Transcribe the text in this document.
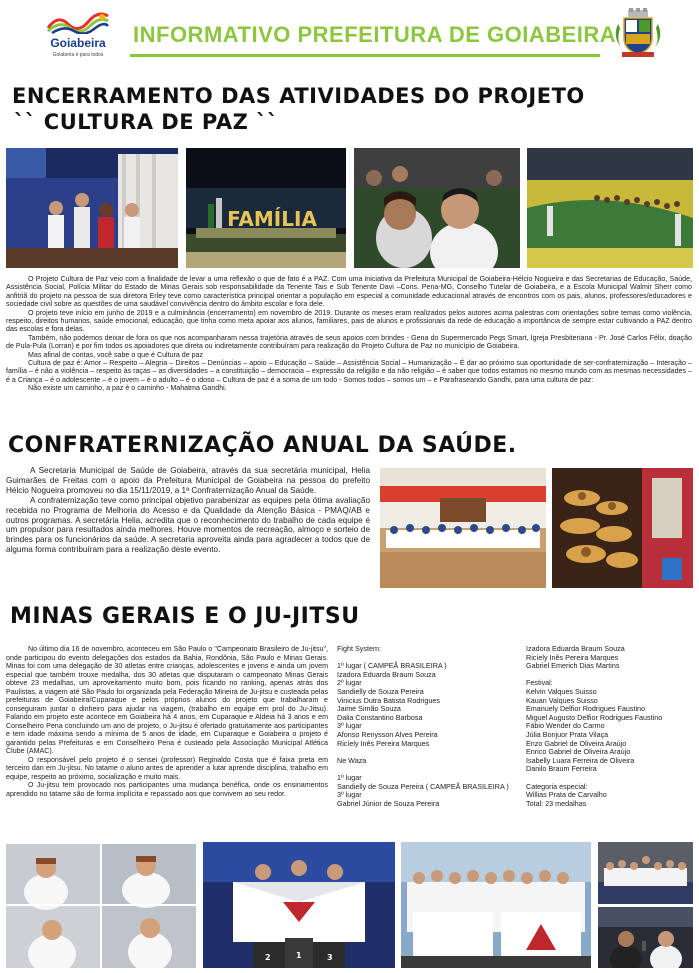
Goiabeira
Goiabeira é para todos
INFORMATIVO PREFEITURA DE GOIABEIRA
ENCERRAMENTO DAS ATIVIDADES DO PROJETO
`` CULTURA DE PAZ ``
FAMÍLIA

O Projeto Cultura de Paz veio com a finalidade de levar a uma reflexão o que de fato é a PAZ. Com uma iniciativa da Prefeitura Municipal de Goiabeira-Hélcio Nogueira e das Secretarias de Educação, Saúde, Assistência Social, Polícia Militar do Estado de Minas Gerais sob responsabilidade da Tenente Tais e Sub Tenente Davi –Cons. Pena-MG, Conselho Tutelar de Goiabeira, e a Escola Municipal Walmir Sherr como anfitriã do projeto na pessoa de sua diretora Erley teve como característica principal orientar a população em especial a comunidade educacional através de encontros com os pais, alunos, professores/educadores e sociedade civil sobre as questões de uma saudável convivência dentro do âmbito escolar e fora dele.

O projeto teve início em junho de 2019 e a culminância (encerramento) em novembro de 2019. Durante os meses eram realizados pelos autores acima palestras com orientações sobre temas como violência, respeito, direitos humanos, saúde emocional, educação, que tinha como meta apoiar aos alunos, familiares, pais de alunos e profissionais da rede de educação a importância de sempre estar cultivando a PAZ dentro das escolas e fora delas.

Também, não podemos deixar de fora os que nos acompanharam nessa trajetória através de seus apoios com brindes - Gena do Supermercado Pegs Smart, Igreja Presbiteriana - Pr. José Carlos Félix, doação de Pula-Pula (Lorran) e por fim todos os apoiadores que direta ou indiretamente contribuíram para realização do Projeto Cultura de Paz no município de Goiabeira.

Mas afinal de contas, você sabe o que é Cultura de paz

Cultura de paz é: Amor – Respeito – Alegria – Direitos – Denúncias – apoio – Educação – Saúde – Assistência Social – Humanização – É dar ao próximo sua oportunidade de ser-confraternização – Interação – família – é não a violência – respeito às raças – as diversidades – a constituição – democracia – expressão da religião e da não religião – é saber que todos estamos no mesmo mundo com as mesmas necessidades – é a Criança – é o adolescente – é o jovem – é o adulto – é o idoso – Cultura de paz é a soma de um todo - Somos todos – somos um – e Parafraseando Gandhi, para uma cultura de paz:

Não existe um caminho, a paz é o caminho - Mahatma Gandhi.

CONFRATERNIZAÇÃO ANUAL DA SAÚDE.

A Secretaria Municipal de Saúde de Goiabeira, através da sua secretária municipal, Helia Guimarães de Freitas com o apoio da Prefeitura Municipal de Goiabeira na pessoa do prefeito Hélcio Nogueira promoveu no dia 15/11/2019, a 1ª Confraternização Anual da Saúde.

A confraternização teve como principal objetivo parabenizar as equipes pela ótima avaliação recebida no Programa de Melhoria do Acesso e da Qualidade da Atenção Básica - PMAQ/AB e outros programas. A secretária Helia, acredita que o reconhecimento do trabalho de cada equipe é um propulsor para resultados ainda melhores. Houve momentos de recreação, almoço e sorteio de brindes para os funcionários da saúde. A secretaria aproveita ainda para agradecer a todos que de alguma forma contribuíram para a realização deste evento.

MINAS GERAIS E O JU-JITSU

No último dia 16 de novembro, aconteceu em São Paulo o "Campeonato Brasileiro de Ju-jitsu", onde participou do evento delegações dos estados da Bahia, Rondônia, São Paulo e Minas Gerais. Minas foi com uma delegação de 30 atletas entre crianças, adolescentes e jovens e ainda um jovem especial que também trouxe medalha, dos 30 atletas que disputaram o campeonato Minas Gerais obteve 23 medalhas, um aproveitamento muito bom, pois ficando no ranking, apenas atrás dos Paulistas, a viagem até São Paulo foi organizada pela Federação Mineira de Ju-jitsu e custeada pelas prefeituras de Goiabeira/Cuparaque e pelos próprios alunos do projeto que trabalharam e conseguiram juntar o dinheiro para ajudar na viagem, (trabalho em equipe em prol do Ju-Jitsu). Falando em projeto este acontece em Goiabeira há 4 anos, em Cuparaque e Aldeia há 3 anos e em Conselheiro Pena concluindo um ano de projeto, o Ju-jitsu é ofertado gratuitamente aos participantes e tem idade máxima sendo a mínima de 5 anos de idade, em Cuparaque e Goiabeira o projeto é garantido pelas Prefeituras e em Conselheiro Pena é custeado pela Associação Municipal Atlética Clube (AMAC).

O responsável pelo projeto é o sensei (professor) Reginaldo Costa que é faixa preta em terceiro dan em Ju-jitsu. No tatame o aluno antes de aprender a lutar aprende disciplina, trabalho em equipe, respeito ao próximo, socialização e muito mais.

O Ju-jitsu tem provocado nos participantes uma mudança benéfica, onde os ensinamentos aprendido no tatame são de forma implícita e repassado aos que convivem ao seu redor.

Fight System:
1º lugar ( CAMPEÃ BRASILEIRA )
Izadora Eduarda Braum Souza
2º lugar
Sandielly de Souza Pereira
Vinicius Dutra Batista Rodrigues
Jaime Simão Souza
Dalia Constantino Barbosa
3º lugar
Afonso Renysson Alves Pereira
Ricíely Inês Pereira Marques
Ne Waza
1º lugar
Sandielly de Souza Pereira ( CAMPEÃ BRASILEIRA )
3º lugar
Gabriel Júnior de Souza Pereira
Izadora Eduarda Braum Souza
Ricíely Inês Pereira Marques
Gabriel Emerich Dias Martins
Festival:
Kelvin Valques Suisso
Kauan Valques Suisso
Emanuely Delfior Rodrigues Faustino
Miguel Augusto Delfior Rodrigues Faustino
Fábio Wender do Carmo
Júlia Bonjuor Prata Vilaça
Enzo Gabriel de Oliveira Araújo
Enrico Gabriel de Oliveira Araújo
Isabelly Luara Ferreira de Oliveira
Danilo Braum Ferreira
Categoria especial:
Willias Prata de Carvalho
Total: 23 medalhas
2	1	3
